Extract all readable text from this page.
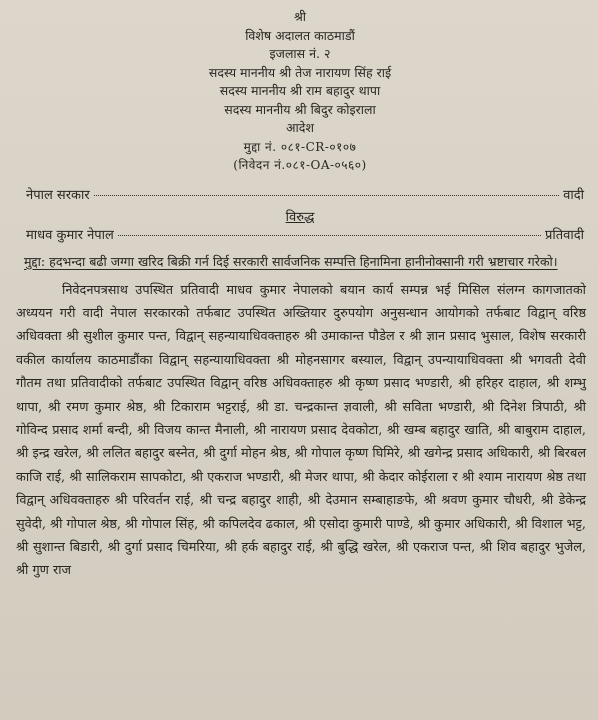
श्री
विशेष अदालत काठमाडौं
इजलास नं. २
सदस्य माननीय श्री तेज नारायण सिंह राई
सदस्य माननीय श्री राम बहादुर थापा
सदस्य माननीय श्री बिदुर कोइराला
आदेश
मुद्दा नं. ०८१-CR-०१०७
(निवेदन नं.०८१-OA-०५६०)
नेपाल सरकार	वादी
विरुद्ध
माधव कुमार नेपाल	प्रतिवादी
मुद्दा: हदभन्दा बढी जग्गा खरिद बिक्री गर्न दिई सरकारी सार्वजनिक सम्पत्ति हिनामिना हानीनोक्सानी गरी भ्रष्टाचार गरेको।

निवेदनपत्रसाथ उपस्थित प्रतिवादी माधव कुमार नेपालको बयान कार्य सम्पन्न भई मिसिल संलग्न कागजातको अध्ययन गरी वादी नेपाल सरकारको तर्फबाट उपस्थित अख्तियार दुरुपयोग अनुसन्धान आयोगको तर्फबाट विद्वान् वरिष्ठ अधिवक्ता श्री सुशील कुमार पन्त, विद्वान् सहन्यायाधिवक्ताहरु श्री उमाकान्त पौडेल र श्री ज्ञान प्रसाद भुसाल, विशेष सरकारी वकील कार्यालय काठमाडौंका विद्वान् सहन्यायाधिवक्ता श्री मोहनसागर बस्याल, विद्वान् उपन्यायाधिवक्ता श्री भगवती देवी गौतम तथा प्रतिवादीको तर्फबाट उपस्थित विद्वान् वरिष्ठ अधिवक्ताहरु श्री कृष्ण प्रसाद भण्डारी, श्री हरिहर दाहाल, श्री शम्भु थापा, श्री रमण कुमार श्रेष्ठ, श्री टिकाराम भट्टराई, श्री डा. चन्द्रकान्त ज्ञवाली, श्री सविता भण्डारी, श्री दिनेश त्रिपाठी, श्री गोविन्द प्रसाद शर्मा बन्दी, श्री विजय कान्त मैनाली, श्री नारायण प्रसाद देवकोटा, श्री खम्ब बहादुर खाति, श्री बाबुराम दाहाल, श्री इन्द्र खरेल, श्री ललित बहादुर बस्नेत, श्री दुर्गा मोहन श्रेष्ठ, श्री गोपाल कृष्ण घिमिरे, श्री खगेन्द्र प्रसाद अधिकारी, श्री बिरबल काजि राई, श्री सालिकराम सापकोटा, श्री एकराज भण्डारी, श्री मेजर थापा, श्री केदार कोईराला र श्री श्याम नारायण श्रेष्ठ तथा विद्वान् अधिवक्ताहरु श्री परिवर्तन राई, श्री चन्द्र बहादुर शाही, श्री देउमान सम्बाहाङफे, श्री श्रवण कुमार चौधरी, श्री डेकेन्द्र सुवेदी, श्री गोपाल श्रेष्ठ, श्री गोपाल सिंह, श्री कपिलदेव ढकाल, श्री एसोदा कुमारी पाण्डे, श्री कुमार अधिकारी, श्री विशाल भट्ट, श्री सुशान्त बिडारी, श्री दुर्गा प्रसाद चिमरिया, श्री हर्क बहादुर राई, श्री बुद्धि खरेल, श्री एकराज पन्त, श्री शिव बहादुर भुजेल, श्री गुण राज
